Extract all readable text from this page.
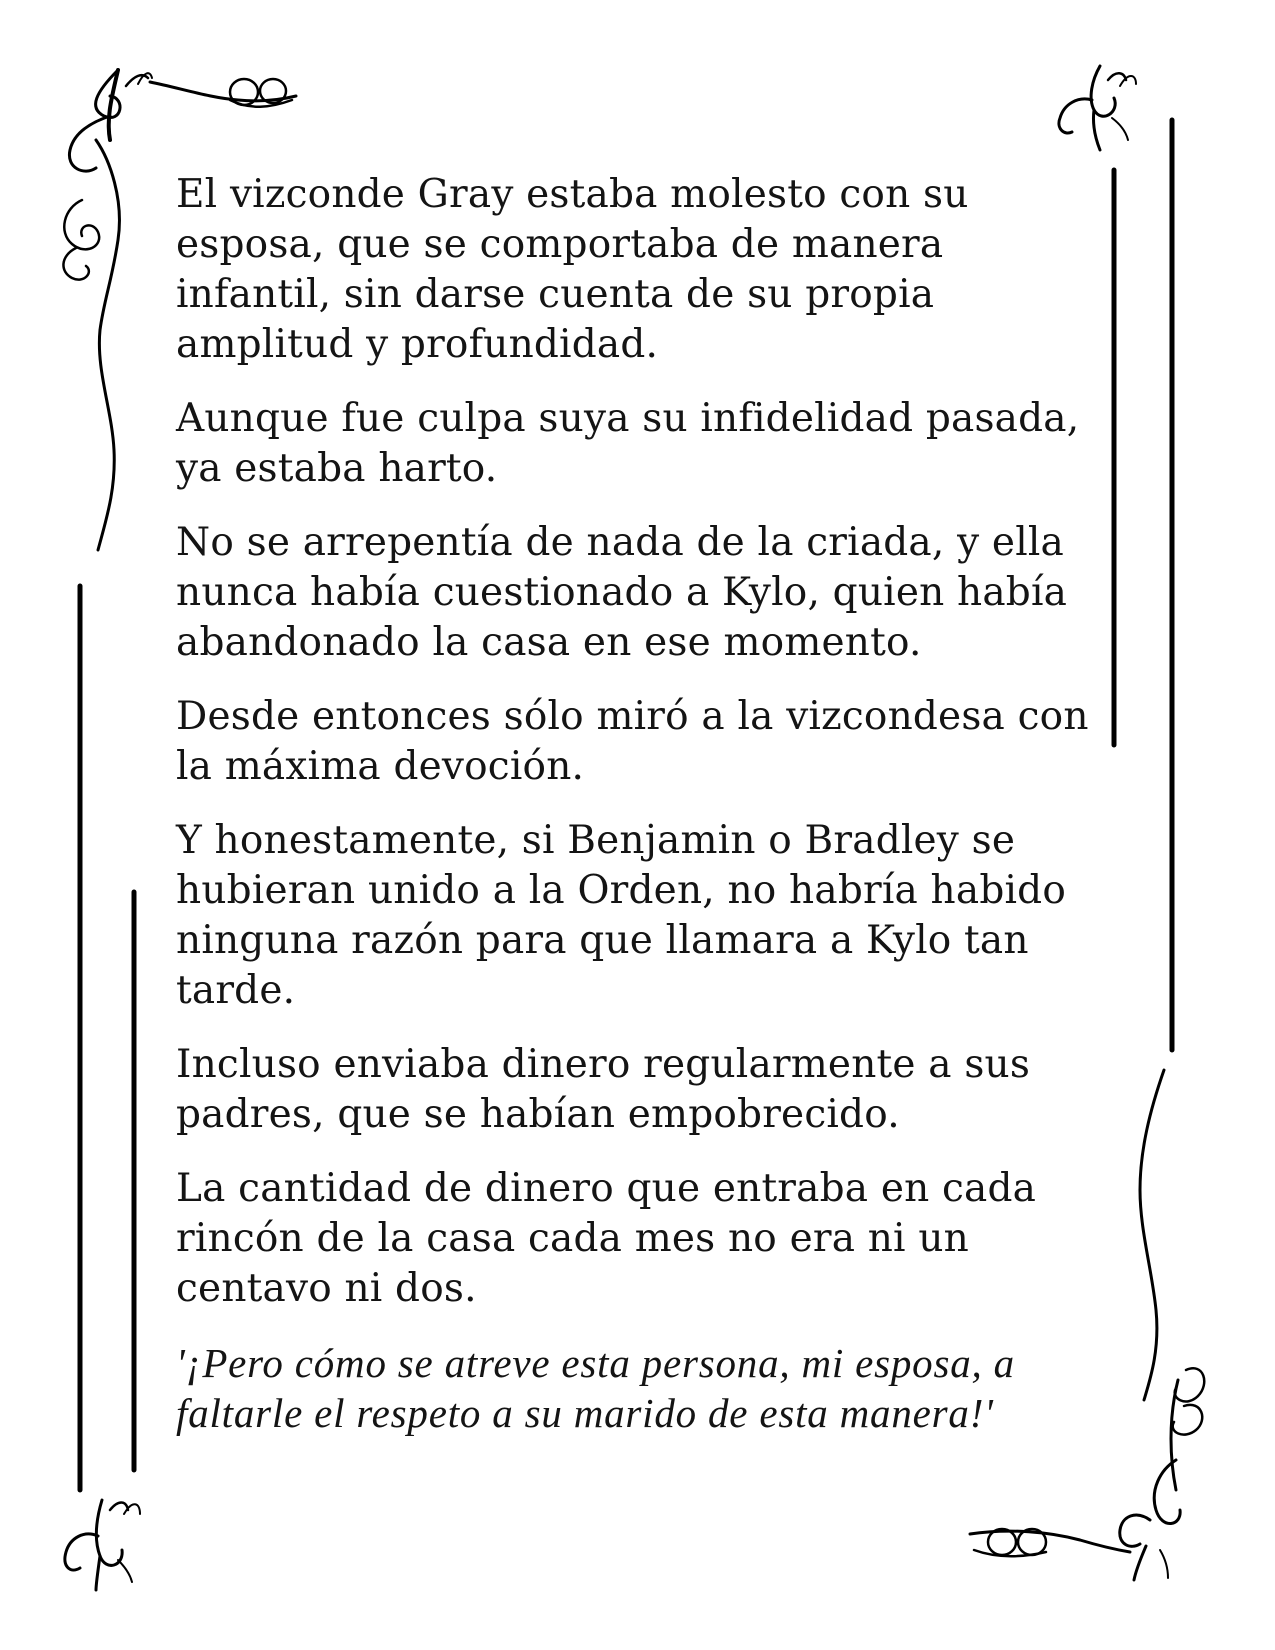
El vizconde Gray estaba molesto con su esposa, que se comportaba de manera infantil, sin darse cuenta de su propia amplitud y profundidad.

Aunque fue culpa suya su infidelidad pasada, ya estaba harto.

No se arrepentía de nada de la criada, y ella nunca había cuestionado a Kylo, quien había abandonado la casa en ese momento.

Desde entonces sólo miró a la vizcondesa con la máxima devoción.

Y honestamente, si Benjamin o Bradley se hubieran unido a la Orden, no habría habido ninguna razón para que llamara a Kylo tan tarde.

Incluso enviaba dinero regularmente a sus padres, que se habían empobrecido.

La cantidad de dinero que entraba en cada rincón de la casa cada mes no era ni un centavo ni dos.

'¡Pero cómo se atreve esta persona, mi esposa, a faltarle el respeto a su marido de esta manera!'
